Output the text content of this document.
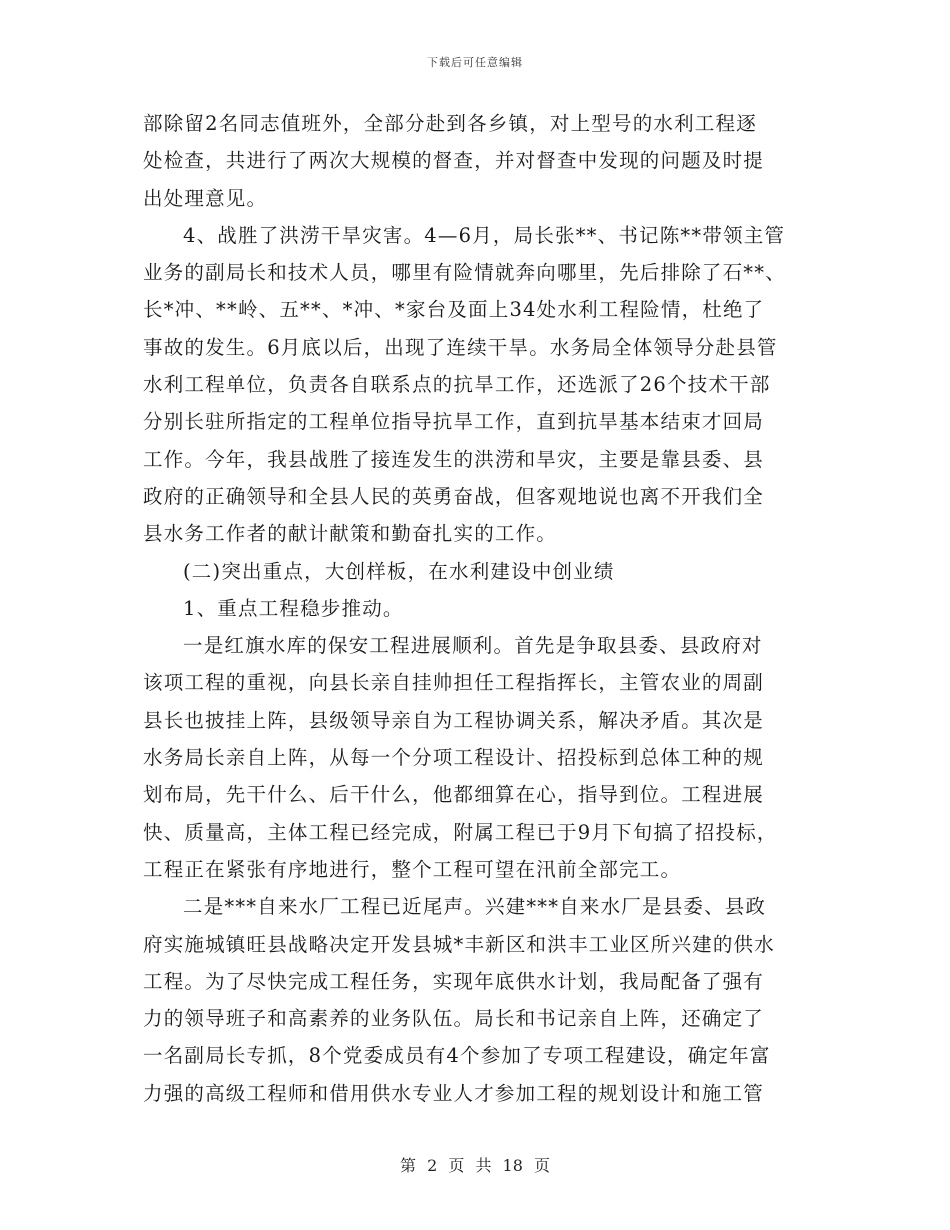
下载后可任意编辑
部除留2名同志值班外，全部分赴到各乡镇，对上型号的水利工程逐
处检查，共进行了两次大规模的督查，并对督查中发现的问题及时提
出处理意见。
4、战胜了洪涝干旱灾害。4—6月，局长张**、书记陈**带领主管
业务的副局长和技术人员，哪里有险情就奔向哪里，先后排除了石**、
长*冲、**岭、五**、*冲、*家台及面上34处水利工程险情，杜绝了
事故的发生。6月底以后，出现了连续干旱。水务局全体领导分赴县管
水利工程单位，负责各自联系点的抗旱工作，还选派了26个技术干部
分别长驻所指定的工程单位指导抗旱工作，直到抗旱基本结束才回局
工作。今年，我县战胜了接连发生的洪涝和旱灾，主要是靠县委、县
政府的正确领导和全县人民的英勇奋战，但客观地说也离不开我们全
县水务工作者的献计献策和勤奋扎实的工作。
(二)突出重点，大创样板，在水利建设中创业绩
1、重点工程稳步推动。
一是红旗水库的保安工程进展顺利。首先是争取县委、县政府对
该项工程的重视，向县长亲自挂帅担任工程指挥长，主管农业的周副
县长也披挂上阵，县级领导亲自为工程协调关系，解决矛盾。其次是
水务局长亲自上阵，从每一个分项工程设计、招投标到总体工种的规
划布局，先干什么、后干什么，他都细算在心，指导到位。工程进展
快、质量高，主体工程已经完成，附属工程已于9月下旬搞了招投标，
工程正在紧张有序地进行，整个工程可望在汛前全部完工。
二是***自来水厂工程已近尾声。兴建***自来水厂是县委、县政
府实施城镇旺县战略决定开发县城*丰新区和洪丰工业区所兴建的供水
工程。为了尽快完成工程任务，实现年底供水计划，我局配备了强有
力的领导班子和高素养的业务队伍。局长和书记亲自上阵，还确定了
一名副局长专抓，8个党委成员有4个参加了专项工程建设，确定年富
力强的高级工程师和借用供水专业人才参加工程的规划设计和施工管
第 2 页 共 18 页
